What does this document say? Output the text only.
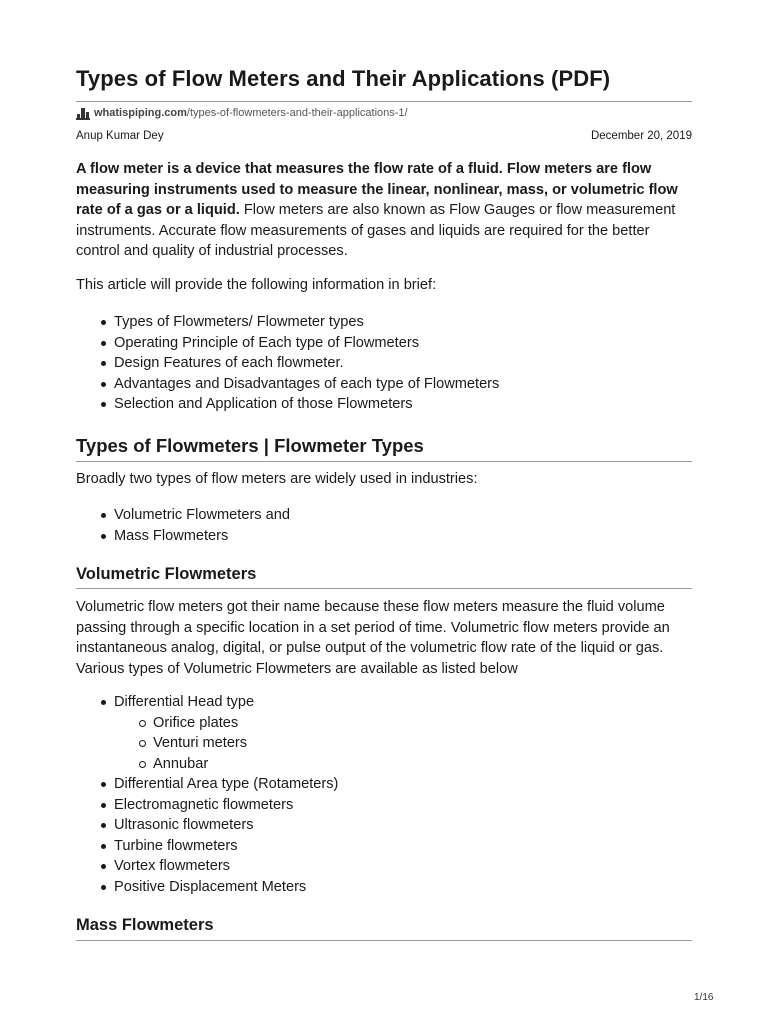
Types of Flow Meters and Their Applications (PDF)
whatispiping.com /types-of-flowmeters-and-their-applications-1/
Anup Kumar Dey	December 20, 2019

A flow meter is a device that measures the flow rate of a fluid. Flow meters are flow measuring instruments used to measure the linear, nonlinear, mass, or volumetric flow rate of a gas or a liquid. Flow meters are also known as Flow Gauges or flow measurement instruments. Accurate flow measurements of gases and liquids are required for the better control and quality of industrial processes.

This article will provide the following information in brief:

Types of Flowmeters/ Flowmeter types
Operating Principle of Each type of Flowmeters
Design Features of each flowmeter.
Advantages and Disadvantages of each type of Flowmeters
Selection and Application of those Flowmeters
Types of Flowmeters | Flowmeter Types

Broadly two types of flow meters are widely used in industries:

Volumetric Flowmeters and
Mass Flowmeters
Volumetric Flowmeters

Volumetric flow meters got their name because these flow meters measure the fluid volume passing through a specific location in a set period of time. Volumetric flow meters provide an instantaneous analog, digital, or pulse output of the volumetric flow rate of the liquid or gas. Various types of Volumetric Flowmeters are available as listed below

Differential Head type
Orifice plates
Venturi meters
Annubar
Differential Area type (Rotameters)
Electromagnetic flowmeters
Ultrasonic flowmeters
Turbine flowmeters
Vortex flowmeters
Positive Displacement Meters
Mass Flowmeters
1/16
